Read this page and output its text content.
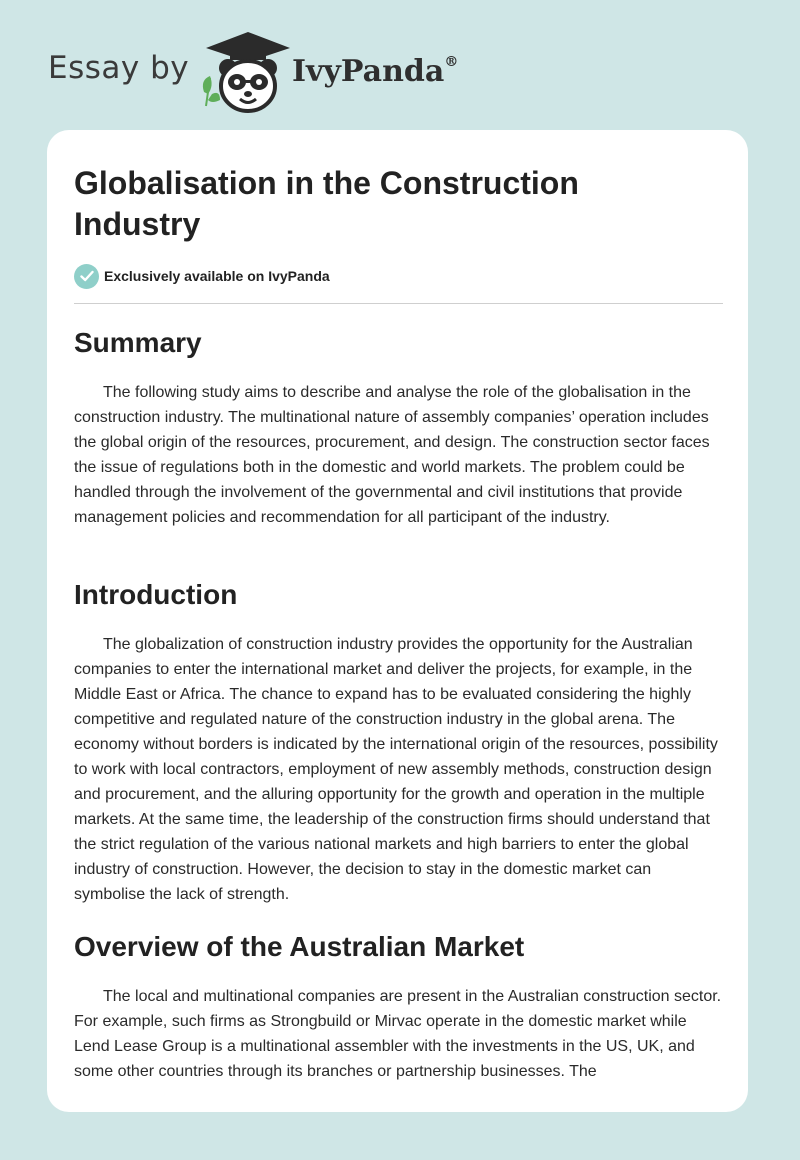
Essay by	IvyPanda®
Globalisation in the Construction Industry
Exclusively available on IvyPanda
Summary

The following study aims to describe and analyse the role of the globalisation in the construction industry. The multinational nature of assembly companies’ operation includes the global origin of the resources, procurement, and design. The construction sector faces the issue of regulations both in the domestic and world markets. The problem could be handled through the involvement of the governmental and civil institutions that provide management policies and recommendation for all participant of the industry.

Introduction

The globalization of construction industry provides the opportunity for the Australian companies to enter the international market and deliver the projects, for example, in the Middle East or Africa. The chance to expand has to be evaluated considering the highly competitive and regulated nature of the construction industry in the global arena. The economy without borders is indicated by the international origin of the resources, possibility to work with local contractors, employment of new assembly methods, construction design and procurement, and the alluring opportunity for the growth and operation in the multiple markets. At the same time, the leadership of the construction firms should understand that the strict regulation of the various national markets and high barriers to enter the global industry of construction. However, the decision to stay in the domestic market can symbolise the lack of strength.

Overview of the Australian Market

The local and multinational companies are present in the Australian construction sector. For example, such firms as Strongbuild or Mirvac operate in the domestic market while Lend Lease Group is a multinational assembler with the investments in the US, UK, and some other countries through its branches or partnership businesses. The
